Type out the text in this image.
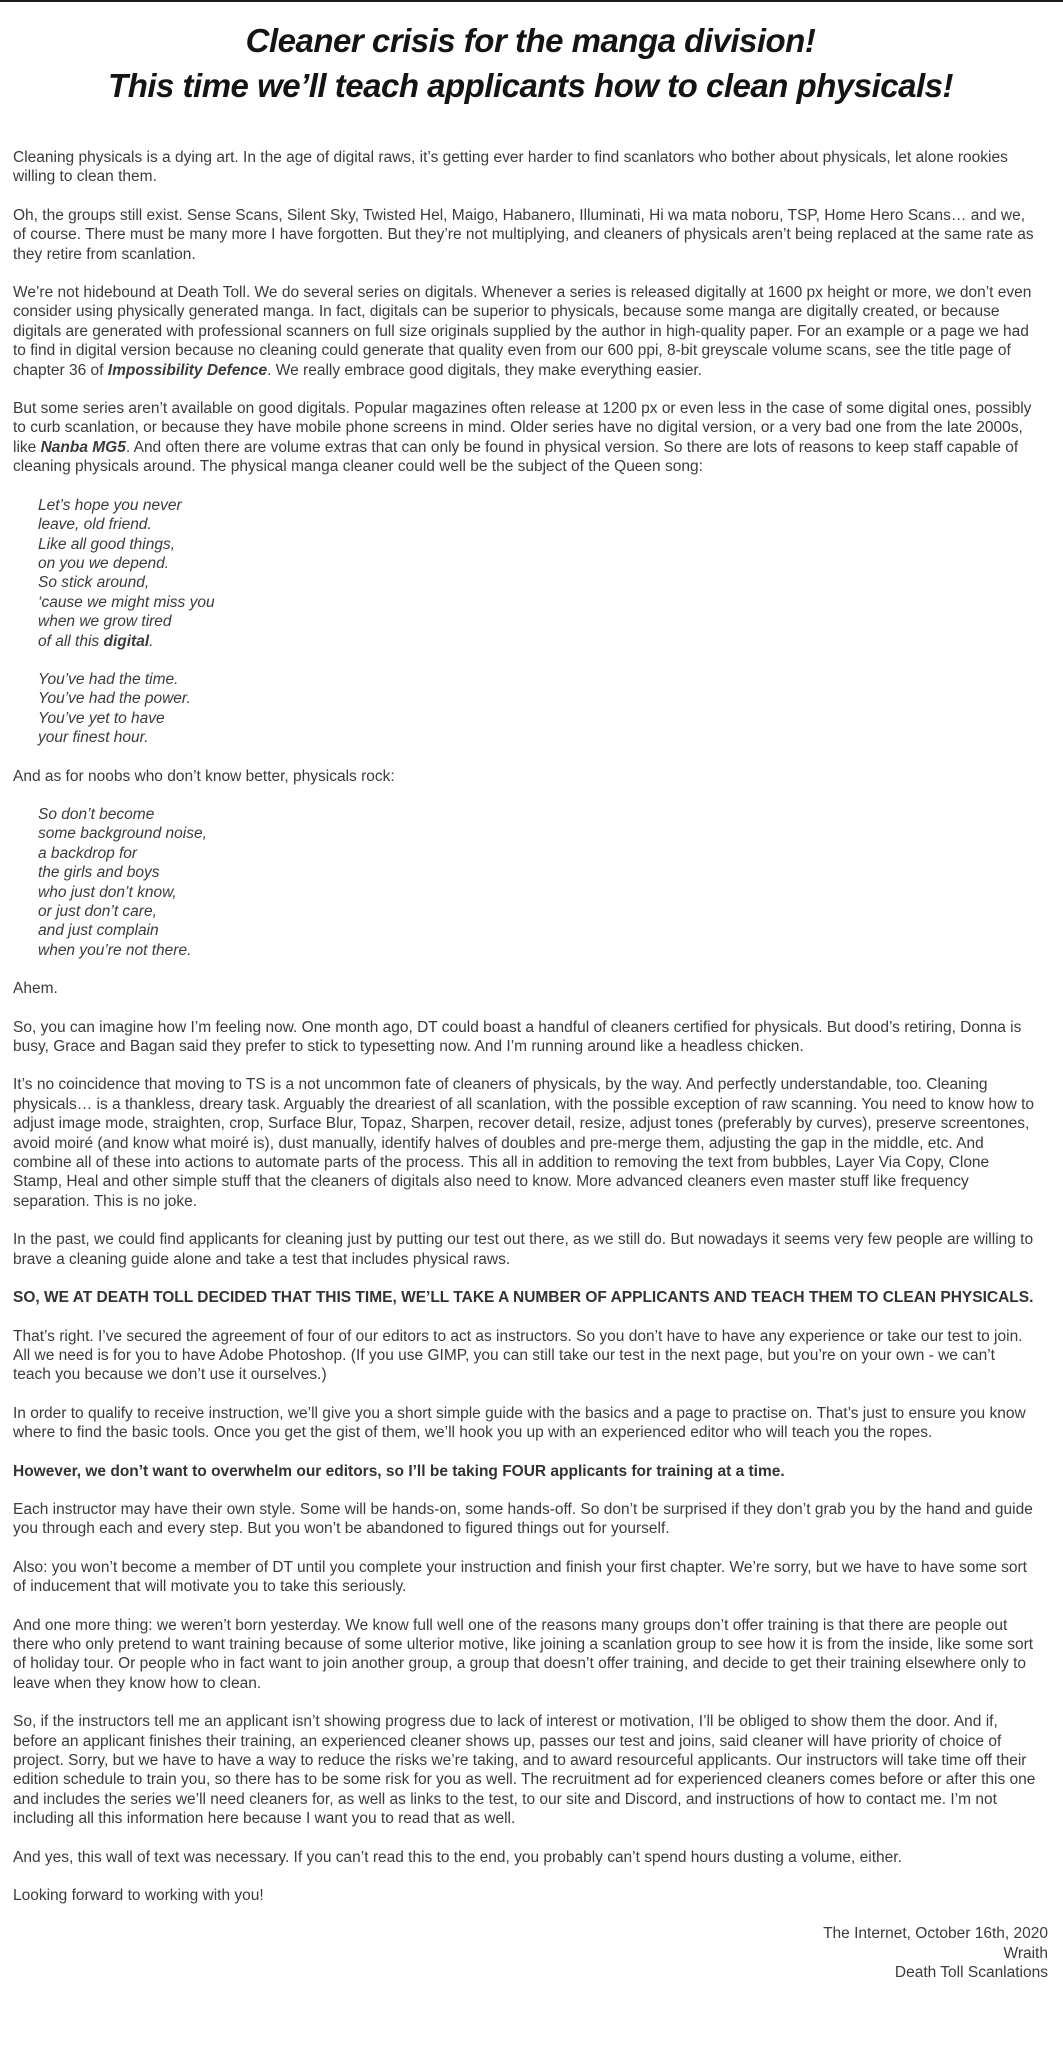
Cleaner crisis for the manga division!
This time we’ll teach applicants how to clean physicals!

Cleaning physicals is a dying art. In the age of digital raws, it’s getting ever harder to find scanlators who bother about physicals, let alone rookies willing to clean them.

Oh, the groups still exist. Sense Scans, Silent Sky, Twisted Hel, Maigo, Habanero, Illuminati, Hi wa mata noboru, TSP, Home Hero Scans… and we, of course. There must be many more I have forgotten. But they’re not multiplying, and cleaners of physicals aren’t being replaced at the same rate as they retire from scanlation.

We’re not hidebound at Death Toll. We do several series on digitals. Whenever a series is released digitally at 1600 px height or more, we don’t even consider using physically generated manga. In fact, digitals can be superior to physicals, because some manga are digitally created, or because digitals are generated with professional scanners on full size originals supplied by the author in high-quality paper. For an example or a page we had to find in digital version because no cleaning could generate that quality even from our 600 ppi, 8-bit greyscale volume scans, see the title page of chapter 36 of Impossibility Defence. We really embrace good digitals, they make everything easier.

But some series aren’t available on good digitals. Popular magazines often release at 1200 px or even less in the case of some digital ones, possibly to curb scanlation, or because they have mobile phone screens in mind. Older series have no digital version, or a very bad one from the late 2000s, like Nanba MG5. And often there are volume extras that can only be found in physical version. So there are lots of reasons to keep staff capable of cleaning physicals around. The physical manga cleaner could well be the subject of the Queen song:

Let’s hope you never
leave, old friend.
Like all good things,
on you we depend.
So stick around,
‘cause we might miss you
when we grow tired
of all this digital.

You’ve had the time.
You’ve had the power.
You’ve yet to have
your finest hour.

And as for noobs who don’t know better, physicals rock:

So don’t become
some background noise,
a backdrop for
the girls and boys
who just don’t know,
or just don’t care,
and just complain
when you’re not there.

Ahem.

So, you can imagine how I’m feeling now. One month ago, DT could boast a handful of cleaners certified for physicals. But dood’s retiring, Donna is busy, Grace and Bagan said they prefer to stick to typesetting now. And I’m running around like a headless chicken.

It’s no coincidence that moving to TS is a not uncommon fate of cleaners of physicals, by the way. And perfectly understandable, too. Cleaning physicals… is a thankless, dreary task. Arguably the dreariest of all scanlation, with the possible exception of raw scanning. You need to know how to adjust image mode, straighten, crop, Surface Blur, Topaz, Sharpen, recover detail, resize, adjust tones (preferably by curves), preserve screentones, avoid moiré (and know what moiré is), dust manually, identify halves of doubles and pre-merge them, adjusting the gap in the middle, etc. And combine all of these into actions to automate parts of the process. This all in addition to removing the text from bubbles, Layer Via Copy, Clone Stamp, Heal and other simple stuff that the cleaners of digitals also need to know. More advanced cleaners even master stuff like frequency separation. This is no joke.

In the past, we could find applicants for cleaning just by putting our test out there, as we still do. But nowadays it seems very few people are willing to brave a cleaning guide alone and take a test that includes physical raws.

SO, WE AT DEATH TOLL DECIDED THAT THIS TIME, WE’LL TAKE A NUMBER OF APPLICANTS AND TEACH THEM TO CLEAN PHYSICALS.

That’s right. I’ve secured the agreement of four of our editors to act as instructors. So you don’t have to have any experience or take our test to join. All we need is for you to have Adobe Photoshop. (If you use GIMP, you can still take our test in the next page, but you’re on your own - we can’t teach you because we don’t use it ourselves.)

In order to qualify to receive instruction, we’ll give you a short simple guide with the basics and a page to practise on. That’s just to ensure you know where to find the basic tools. Once you get the gist of them, we’ll hook you up with an experienced editor who will teach you the ropes.

However, we don’t want to overwhelm our editors, so I’ll be taking FOUR applicants for training at a time.

Each instructor may have their own style. Some will be hands-on, some hands-off. So don’t be surprised if they don’t grab you by the hand and guide you through each and every step. But you won’t be abandoned to figured things out for yourself.

Also: you won’t become a member of DT until you complete your instruction and finish your first chapter. We’re sorry, but we have to have some sort of inducement that will motivate you to take this seriously.

And one more thing: we weren’t born yesterday. We know full well one of the reasons many groups don’t offer training is that there are people out there who only pretend to want training because of some ulterior motive, like joining a scanlation group to see how it is from the inside, like some sort of holiday tour. Or people who in fact want to join another group, a group that doesn’t offer training, and decide to get their training elsewhere only to leave when they know how to clean.

So, if the instructors tell me an applicant isn’t showing progress due to lack of interest or motivation, I’ll be obliged to show them the door. And if, before an applicant finishes their training, an experienced cleaner shows up, passes our test and joins, said cleaner will have priority of choice of project. Sorry, but we have to have a way to reduce the risks we’re taking, and to award resourceful applicants. Our instructors will take time off their edition schedule to train you, so there has to be some risk for you as well. The recruitment ad for experienced cleaners comes before or after this one and includes the series we’ll need cleaners for, as well as links to the test, to our site and Discord, and instructions of how to contact me. I’m not including all this information here because I want you to read that as well.

And yes, this wall of text was necessary. If you can’t read this to the end, you probably can’t spend hours dusting a volume, either.

Looking forward to working with you!

The Internet, October 16th, 2020
Wraith
Death Toll Scanlations
